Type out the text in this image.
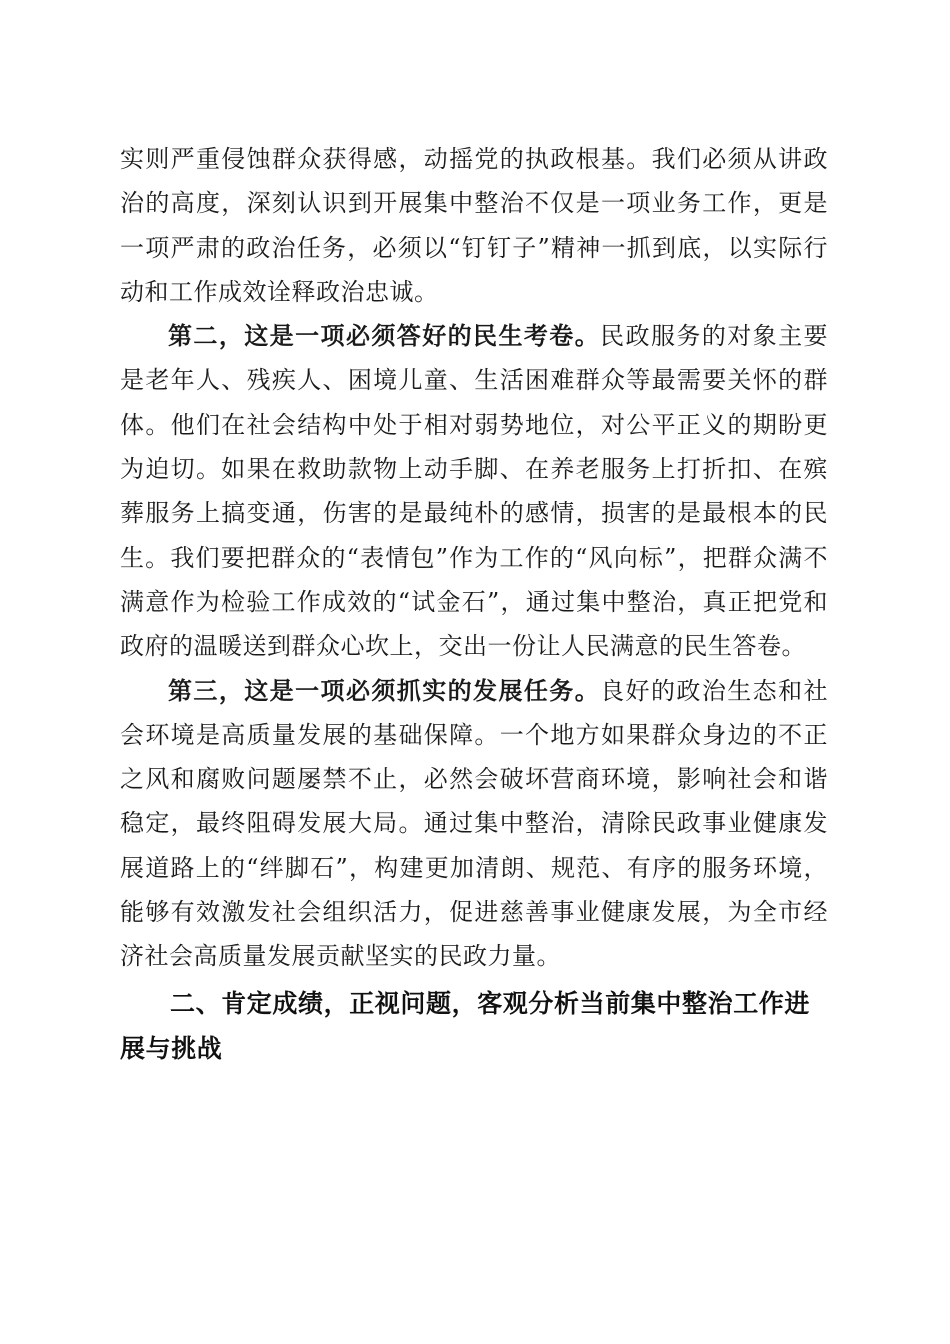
实则严重侵蚀群众获得感，动摇党的执政根基。我们必须从讲政治的高度，深刻认识到开展集中整治不仅是一项业务工作，更是一项严肃的政治任务，必须以“钉钉子”精神一抓到底，以实际行动和工作成效诠释政治忠诚。

第二，这是一项必须答好的民生考卷。民政服务的对象主要是老年人、残疾人、困境儿童、生活困难群众等最需要关怀的群体。他们在社会结构中处于相对弱势地位，对公平正义的期盼更为迫切。如果在救助款物上动手脚、在养老服务上打折扣、在殡葬服务上搞变通，伤害的是最纯朴的感情，损害的是最根本的民生。我们要把群众的“表情包”作为工作的“风向标”，把群众满不满意作为检验工作成效的“试金石”，通过集中整治，真正把党和政府的温暖送到群众心坎上，交出一份让人民满意的民生答卷。

第三，这是一项必须抓实的发展任务。良好的政治生态和社会环境是高质量发展的基础保障。一个地方如果群众身边的不正之风和腐败问题屡禁不止，必然会破坏营商环境，影响社会和谐稳定，最终阻碍发展大局。通过集中整治，清除民政事业健康发展道路上的“绊脚石”，构建更加清朗、规范、有序的服务环境，能够有效激发社会组织活力，促进慈善事业健康发展，为全市经济社会高质量发展贡献坚实的民政力量。

二、肯定成绩，正视问题，客观分析当前集中整治工作进展与挑战
